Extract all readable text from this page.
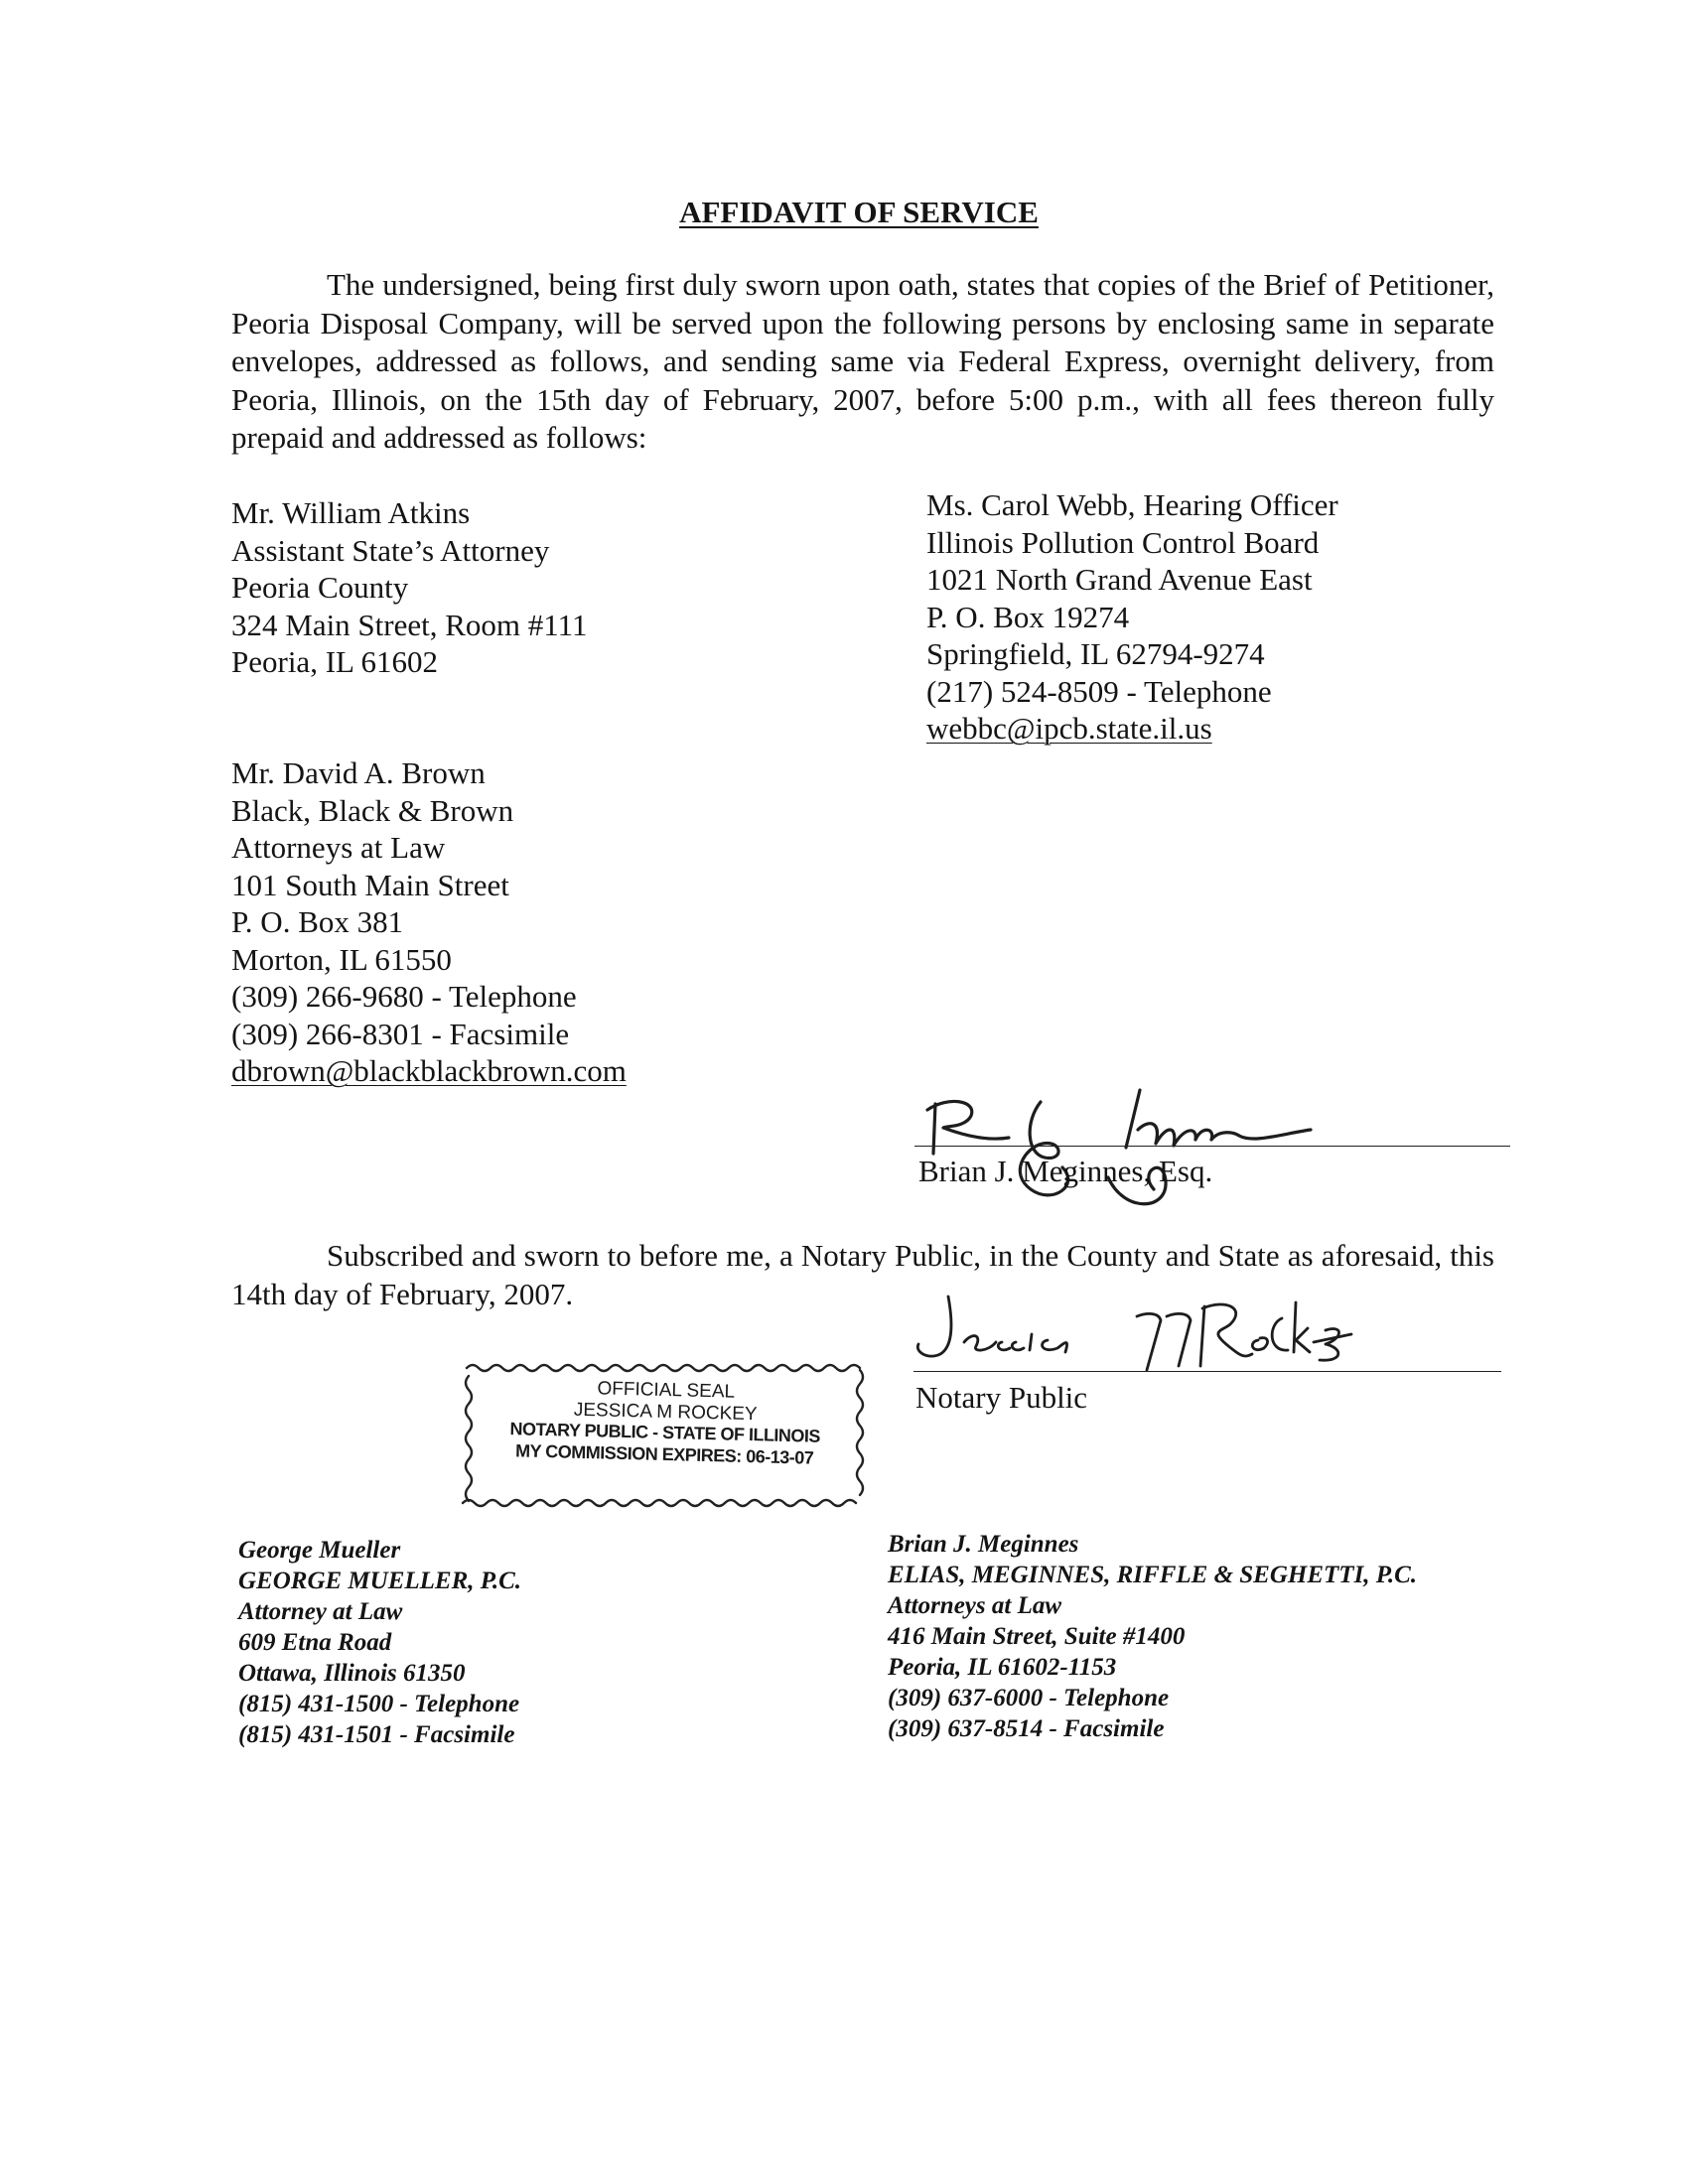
AFFIDAVIT OF SERVICE
The undersigned, being first duly sworn upon oath, states that copies of the Brief of Petitioner, Peoria Disposal Company, will be served upon the following persons by enclosing same in separate envelopes, addressed as follows, and sending same via Federal Express, overnight delivery, from Peoria, Illinois, on the 15th day of February, 2007, before 5:00 p.m., with all fees thereon fully prepaid and addressed as follows:
Mr. William Atkins
Assistant State’s Attorney
Peoria County
324 Main Street, Room #111
Peoria, IL 61602
Ms. Carol Webb, Hearing Officer
Illinois Pollution Control Board
1021 North Grand Avenue East
P. O. Box 19274
Springfield, IL 62794-9274
(217) 524-8509 - Telephone
webbc@ipcb.state.il.us
Mr. David A. Brown
Black, Black & Brown
Attorneys at Law
101 South Main Street
P. O. Box 381
Morton, IL 61550
(309) 266-9680 - Telephone
(309) 266-8301 - Facsimile
dbrown@blackblackbrown.com
Brian J. Meginnes, Esq.
Subscribed and sworn to before me, a Notary Public, in the County and State as aforesaid, this 14th day of February, 2007.
Notary Public
OFFICIAL SEAL
JESSICA M ROCKEY
NOTARY PUBLIC - STATE OF ILLINOIS
MY COMMISSION EXPIRES: 06-13-07
George Mueller
GEORGE MUELLER, P.C.
Attorney at Law
609 Etna Road
Ottawa, Illinois 61350
(815) 431-1500 - Telephone
(815) 431-1501 - Facsimile
Brian J. Meginnes
ELIAS, MEGINNES, RIFFLE & SEGHETTI, P.C.
Attorneys at Law
416 Main Street, Suite #1400
Peoria, IL 61602-1153
(309) 637-6000 - Telephone
(309) 637-8514 - Facsimile
